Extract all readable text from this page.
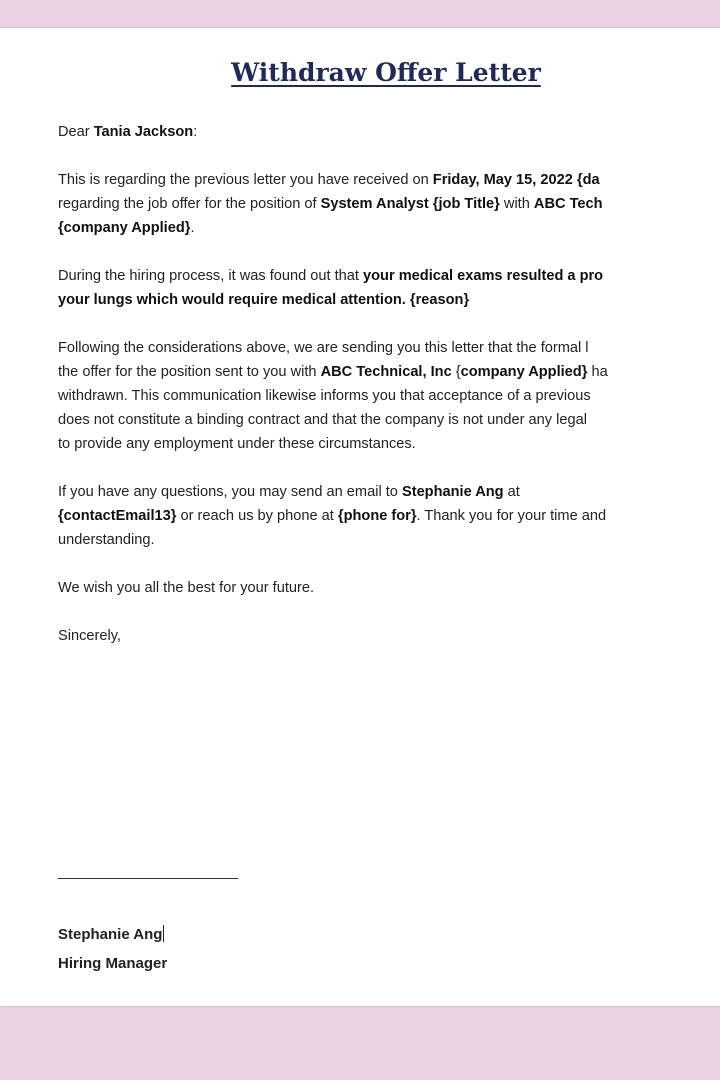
Withdraw Offer Letter

Dear Tania Jackson:

This is regarding the previous letter you have received on Friday, May 15, 2022 {da
regarding the job offer for the position of System Analyst {job Title} with ABC Tech
{company Applied}.

During the hiring process, it was found out that your medical exams resulted a pro
your lungs which would require medical attention. {reason}

Following the considerations above, we are sending you this letter that the formal l
the offer for the position sent to you with ABC Technical, Inc {company Applied} ha
withdrawn. This communication likewise informs you that acceptance of a previous
does not constitute a binding contract and that the company is not under any legal
to provide any employment under these circumstances.

If you have any questions, you may send an email to Stephanie Ang at
{contactEmail13} or reach us by phone at {phone for}. Thank you for your time and
understanding.

We wish you all the best for your future.

Sincerely,

Stephanie Ang
Hiring Manager
